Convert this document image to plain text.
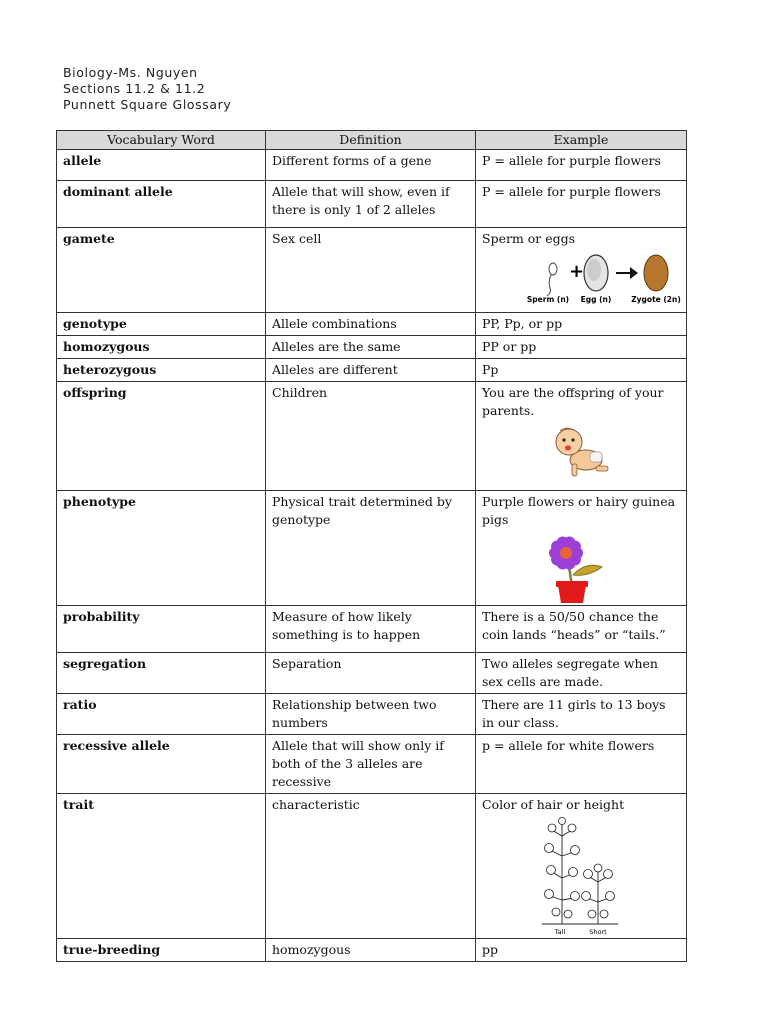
Biology-Ms. Nguyen
Sections 11.2 & 11.2
Punnett Square Glossary
Vocabulary Word	Definition	Example
allele	Different forms of a gene	P = allele for purple flowers
dominant allele	Allele that will show, even if there is only 1 of 2 alleles	P = allele for purple flowers
gamete	Sex cell	Sperm or eggs
+
Sperm (n) Egg (n) Zygote (2n)

genotype	Allele combinations	PP, Pp, or pp
homozygous	Alleles are the same	PP or pp
heterozygous	Alleles are different	Pp
offspring	Children	You are the offspring of your parents.

phenotype	Physical trait determined by genotype	Purple flowers or hairy guinea pigs

probability	Measure of how likely something is to happen	There is a 50/50 chance the coin lands “heads” or “tails.”
segregation	Separation	Two alleles segregate when sex cells are made.
ratio	Relationship between two numbers	There are 11 girls to 13 boys in our class.
recessive allele	Allele that will show only if both of the 3 alleles are recessive	p = allele for white flowers
trait	characteristic	Color of hair or height
Tall Short

true-breeding	homozygous	pp
